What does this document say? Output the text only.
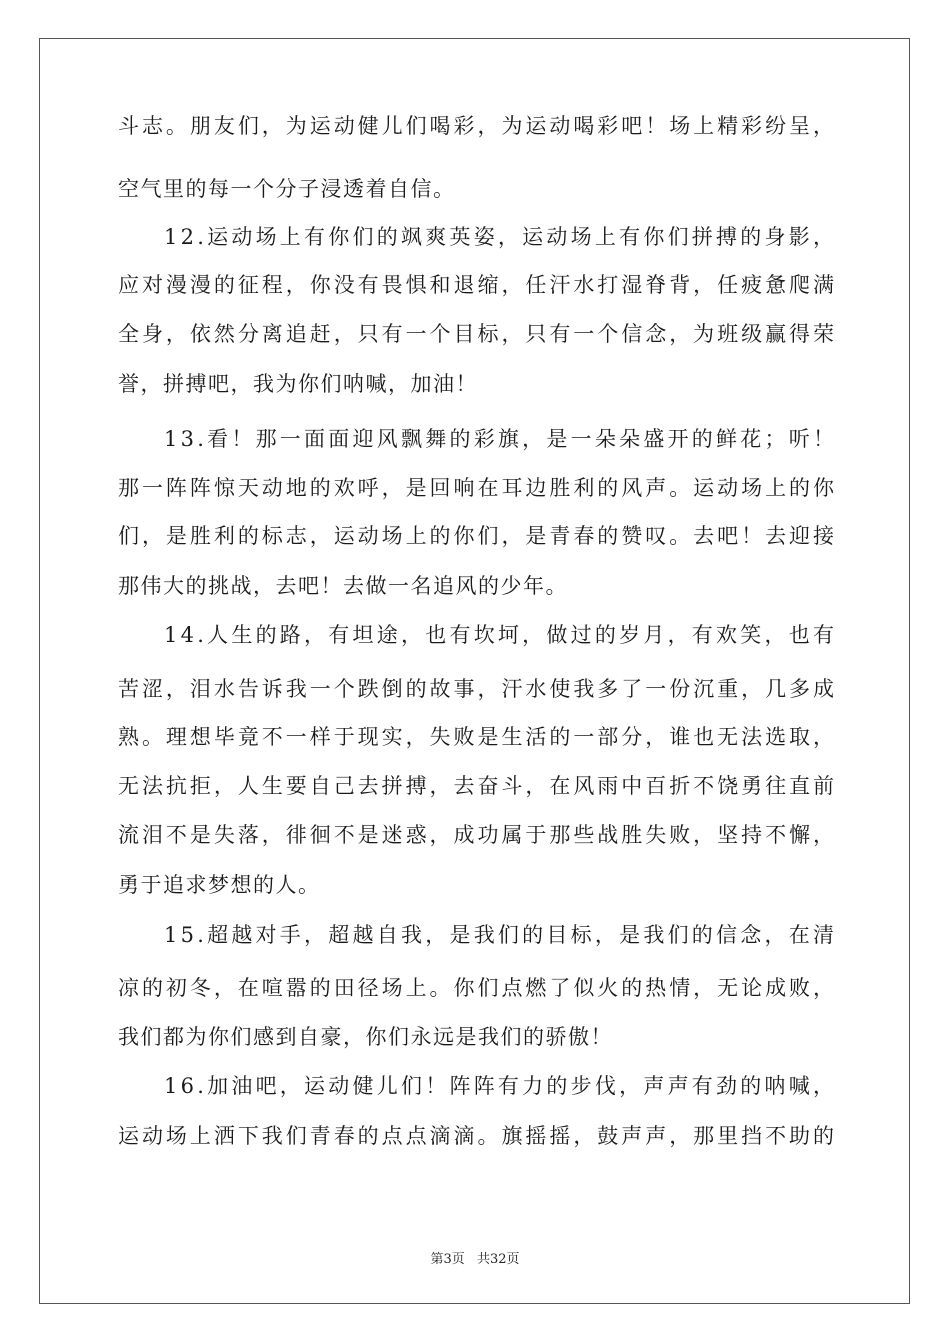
斗志。朋友们，为运动健儿们喝彩，为运动喝彩吧！场上精彩纷呈，
空气里的每一个分子浸透着自信。
12.运动场上有你们的飒爽英姿，运动场上有你们拼搏的身影，
应对漫漫的征程，你没有畏惧和退缩，任汗水打湿脊背，任疲惫爬满
全身，依然分离追赶，只有一个目标，只有一个信念，为班级赢得荣
誉，拼搏吧，我为你们呐喊，加油！
13.看！那一面面迎风飘舞的彩旗，是一朵朵盛开的鲜花；听！
那一阵阵惊天动地的欢呼，是回响在耳边胜利的风声。运动场上的你
们，是胜利的标志，运动场上的你们，是青春的赞叹。去吧！去迎接
那伟大的挑战，去吧！去做一名追风的少年。
14.人生的路，有坦途，也有坎坷，做过的岁月，有欢笑，也有
苦涩，泪水告诉我一个跌倒的故事，汗水使我多了一份沉重，几多成
熟。理想毕竟不一样于现实，失败是生活的一部分，谁也无法选取，
无法抗拒，人生要自己去拼搏，去奋斗，在风雨中百折不饶勇往直前
流泪不是失落，徘徊不是迷惑，成功属于那些战胜失败，坚持不懈，
勇于追求梦想的人。
15.超越对手，超越自我，是我们的目标，是我们的信念，在清
凉的初冬，在喧嚣的田径场上。你们点燃了似火的热情，无论成败，
我们都为你们感到自豪，你们永远是我们的骄傲！
16.加油吧，运动健儿们！阵阵有力的步伐，声声有劲的呐喊，
运动场上洒下我们青春的点点滴滴。旗摇摇，鼓声声，那里挡不助的
第3页 共32页
